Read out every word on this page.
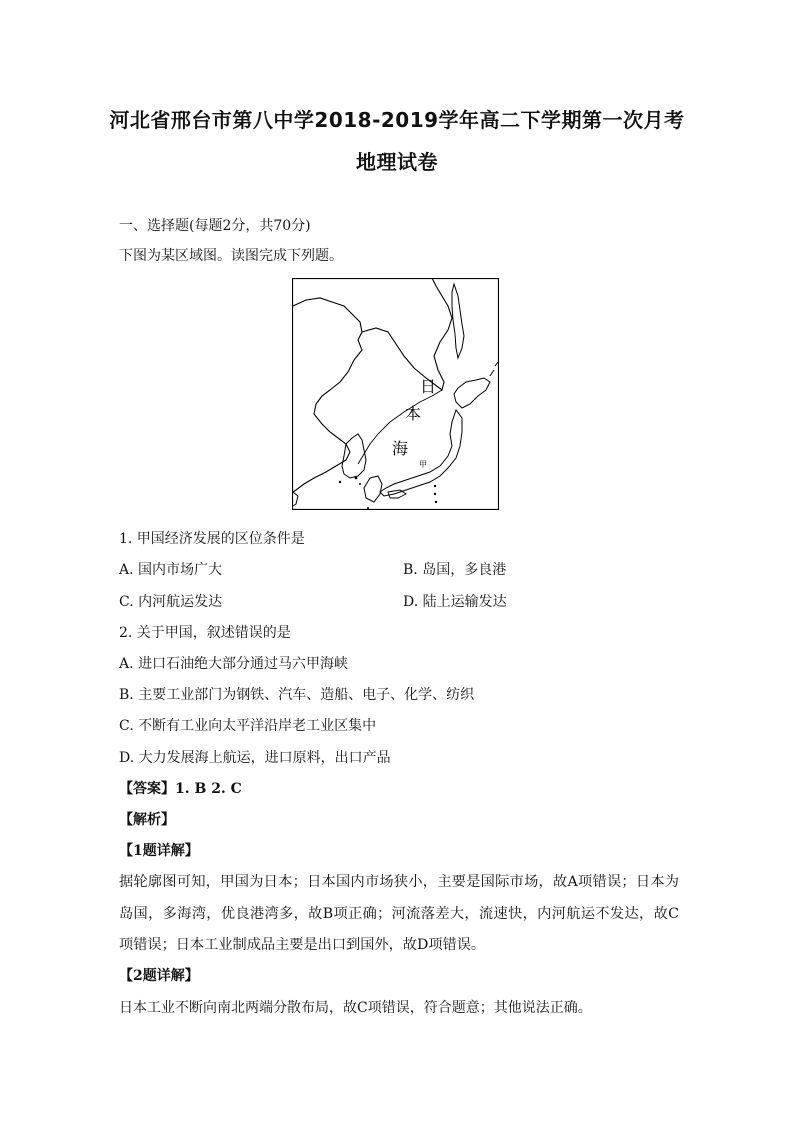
河北省邢台市第八中学2018-2019学年高二下学期第一次月考
地理试卷
一、选择题(每题2分，共70分)
下图为某区域图。读图完成下列题。
日
本
海
甲
1. 甲国经济发展的区位条件是
A. 国内市场广大	B. 岛国，多良港
C. 内河航运发达	D. 陆上运输发达
2. 关于甲国，叙述错误的是
A. 进口石油绝大部分通过马六甲海峡
B. 主要工业部门为钢铁、汽车、造船、电子、化学、纺织
C. 不断有工业向太平洋沿岸老工业区集中
D. 大力发展海上航运，进口原料，出口产品
【答案】1. B 2. C
【解析】
【1题详解】
据轮廓图可知，甲国为日本；日本国内市场狭小，主要是国际市场，故A项错误；日本为岛国，多海湾，优良港湾多，故B项正确；河流落差大，流速快，内河航运不发达，故C项错误；日本工业制成品主要是出口到国外，故D项错误。
【2题详解】
日本工业不断向南北两端分散布局，故C项错误，符合题意；其他说法正确。
